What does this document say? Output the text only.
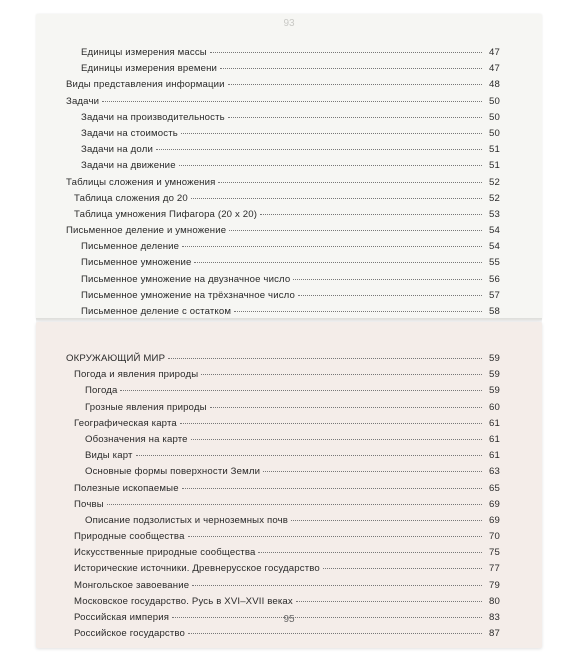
93
Единицы измерения массы	47
Единицы измерения времени	47
Виды представления информации	48
Задачи	50
Задачи на производительность	50
Задачи на стоимость	50
Задачи на доли	51
Задачи на движение	51
Таблицы сложения и умножения	52
Таблица сложения до 20	52
Таблица умножения Пифагора (20 х 20)	53
Письменное деление и умножение	54
Письменное деление	54
Письменное умножение	55
Письменное умножение на двузначное число	56
Письменное умножение на трёхзначное число	57
Письменное деление с остатком	58
ОКРУЖАЮЩИЙ МИР	59
Погода и явления природы	59
Погода	59
Грозные явления природы	60
Географическая карта	61
Обозначения на карте	61
Виды карт	61
Основные формы поверхности Земли	63
Полезные ископаемые	65
Почвы	69
Описание подзолистых и черноземных почв	69
Природные сообщества	70
Искусственные природные сообщества	75
Исторические источники. Древнерусское государство	77
Монгольское завоевание	79
Московское государство. Русь в XVI–XVII веках	80
Российская империя	83
Российское государство	87
95
